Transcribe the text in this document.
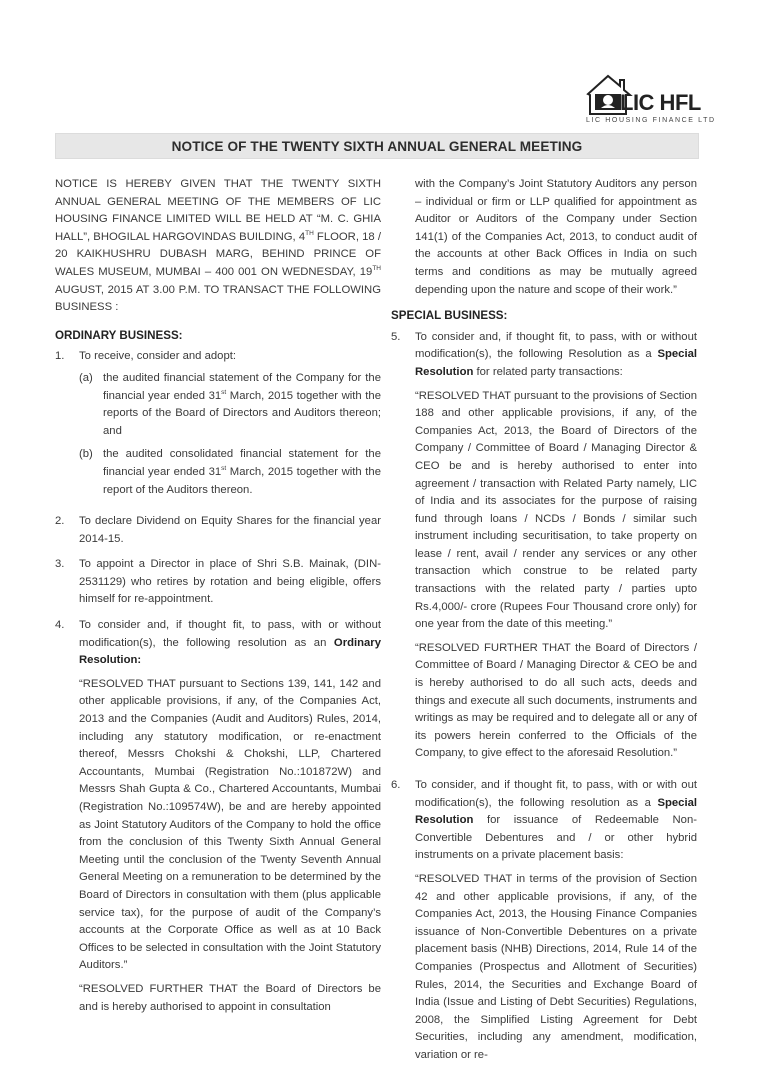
LIC HFL
LIC HOUSING FINANCE LTD
NOTICE OF THE TWENTY SIXTH ANNUAL GENERAL MEETING

NOTICE IS HEREBY GIVEN THAT THE TWENTY SIXTH ANNUAL GENERAL MEETING OF THE MEMBERS OF LIC HOUSING FINANCE LIMITED WILL BE HELD AT “M. C. GHIA HALL”, BHOGILAL HARGOVINDAS BUILDING, 4TH FLOOR, 18 / 20 KAIKHUSHRU DUBASH MARG, BEHIND PRINCE OF WALES MUSEUM, MUMBAI – 400 001 ON WEDNESDAY, 19TH AUGUST, 2015 AT 3.00 P.M. TO TRANSACT THE FOLLOWING BUSINESS :

ORDINARY BUSINESS:
1.	To receive, consider and adopt:
(a) the audited financial statement of the Company for the financial year ended 31st March, 2015 together with the reports of the Board of Directors and Auditors thereon; and
(b) the audited consolidated financial statement for the financial year ended 31st March, 2015 together with the report of the Auditors thereon.
2.	To declare Dividend on Equity Shares for the financial year 2014-15.
3.	To appoint a Director in place of Shri S.B. Mainak, (DIN-2531129) who retires by rotation and being eligible, offers himself for re-appointment.
4.	To consider and, if thought fit, to pass, with or without modification(s), the following resolution as an Ordinary Resolution:

“RESOLVED THAT pursuant to Sections 139, 141, 142 and other applicable provisions, if any, of the Companies Act, 2013 and the Companies (Audit and Auditors) Rules, 2014, including any statutory modification, or re-enactment thereof, Messrs Chokshi & Chokshi, LLP, Chartered Accountants, Mumbai (Registration No.:101872W) and Messrs Shah Gupta & Co., Chartered Accountants, Mumbai (Registration No.:109574W), be and are hereby appointed as Joint Statutory Auditors of the Company to hold the office from the conclusion of this Twenty Sixth Annual General Meeting until the conclusion of the Twenty Seventh Annual General Meeting on a remuneration to be determined by the Board of Directors in consultation with them (plus applicable service tax), for the purpose of audit of the Company’s accounts at the Corporate Office as well as at 10 Back Offices to be selected in consultation with the Joint Statutory Auditors.”

“RESOLVED FURTHER THAT the Board of Directors be and is hereby authorised to appoint in consultation

with the Company’s Joint Statutory Auditors any person – individual or firm or LLP qualified for appointment as Auditor or Auditors of the Company under Section 141(1) of the Companies Act, 2013, to conduct audit of the accounts at other Back Offices in India on such terms and conditions as may be mutually agreed depending upon the nature and scope of their work.”
SPECIAL BUSINESS:
5.	To consider and, if thought fit, to pass, with or without modification(s), the following Resolution as a Special Resolution for related party transactions:

“RESOLVED THAT pursuant to the provisions of Section 188 and other applicable provisions, if any, of the Companies Act, 2013, the Board of Directors of the Company / Committee of Board / Managing Director & CEO be and is hereby authorised to enter into agreement / transaction with Related Party namely, LIC of India and its associates for the purpose of raising fund through loans / NCDs / Bonds / similar such instrument including securitisation, to take property on lease / rent, avail / render any services or any other transaction which construe to be related party transactions with the related party / parties upto Rs.4,000/- crore (Rupees Four Thousand crore only) for one year from the date of this meeting.”

“RESOLVED FURTHER THAT the Board of Directors / Committee of Board / Managing Director & CEO be and is hereby authorised to do all such acts, deeds and things and execute all such documents, instruments and writings as may be required and to delegate all or any of its powers herein conferred to the Officials of the Company, to give effect to the aforesaid Resolution.”

6.	To consider, and if thought fit, to pass, with or with out modification(s), the following resolution as a Special Resolution for issuance of Redeemable Non-Convertible Debentures and / or other hybrid instruments on a private placement basis:

“RESOLVED THAT in terms of the provision of Section 42 and other applicable provisions, if any, of the Companies Act, 2013, the Housing Finance Companies issuance of Non-Convertible Debentures on a private placement basis (NHB) Directions, 2014, Rule 14 of the Companies (Prospectus and Allotment of Securities) Rules, 2014, the Securities and Exchange Board of India (Issue and Listing of Debt Securities) Regulations, 2008, the Simplified Listing Agreement for Debt Securities, including any amendment, modification, variation or re-
